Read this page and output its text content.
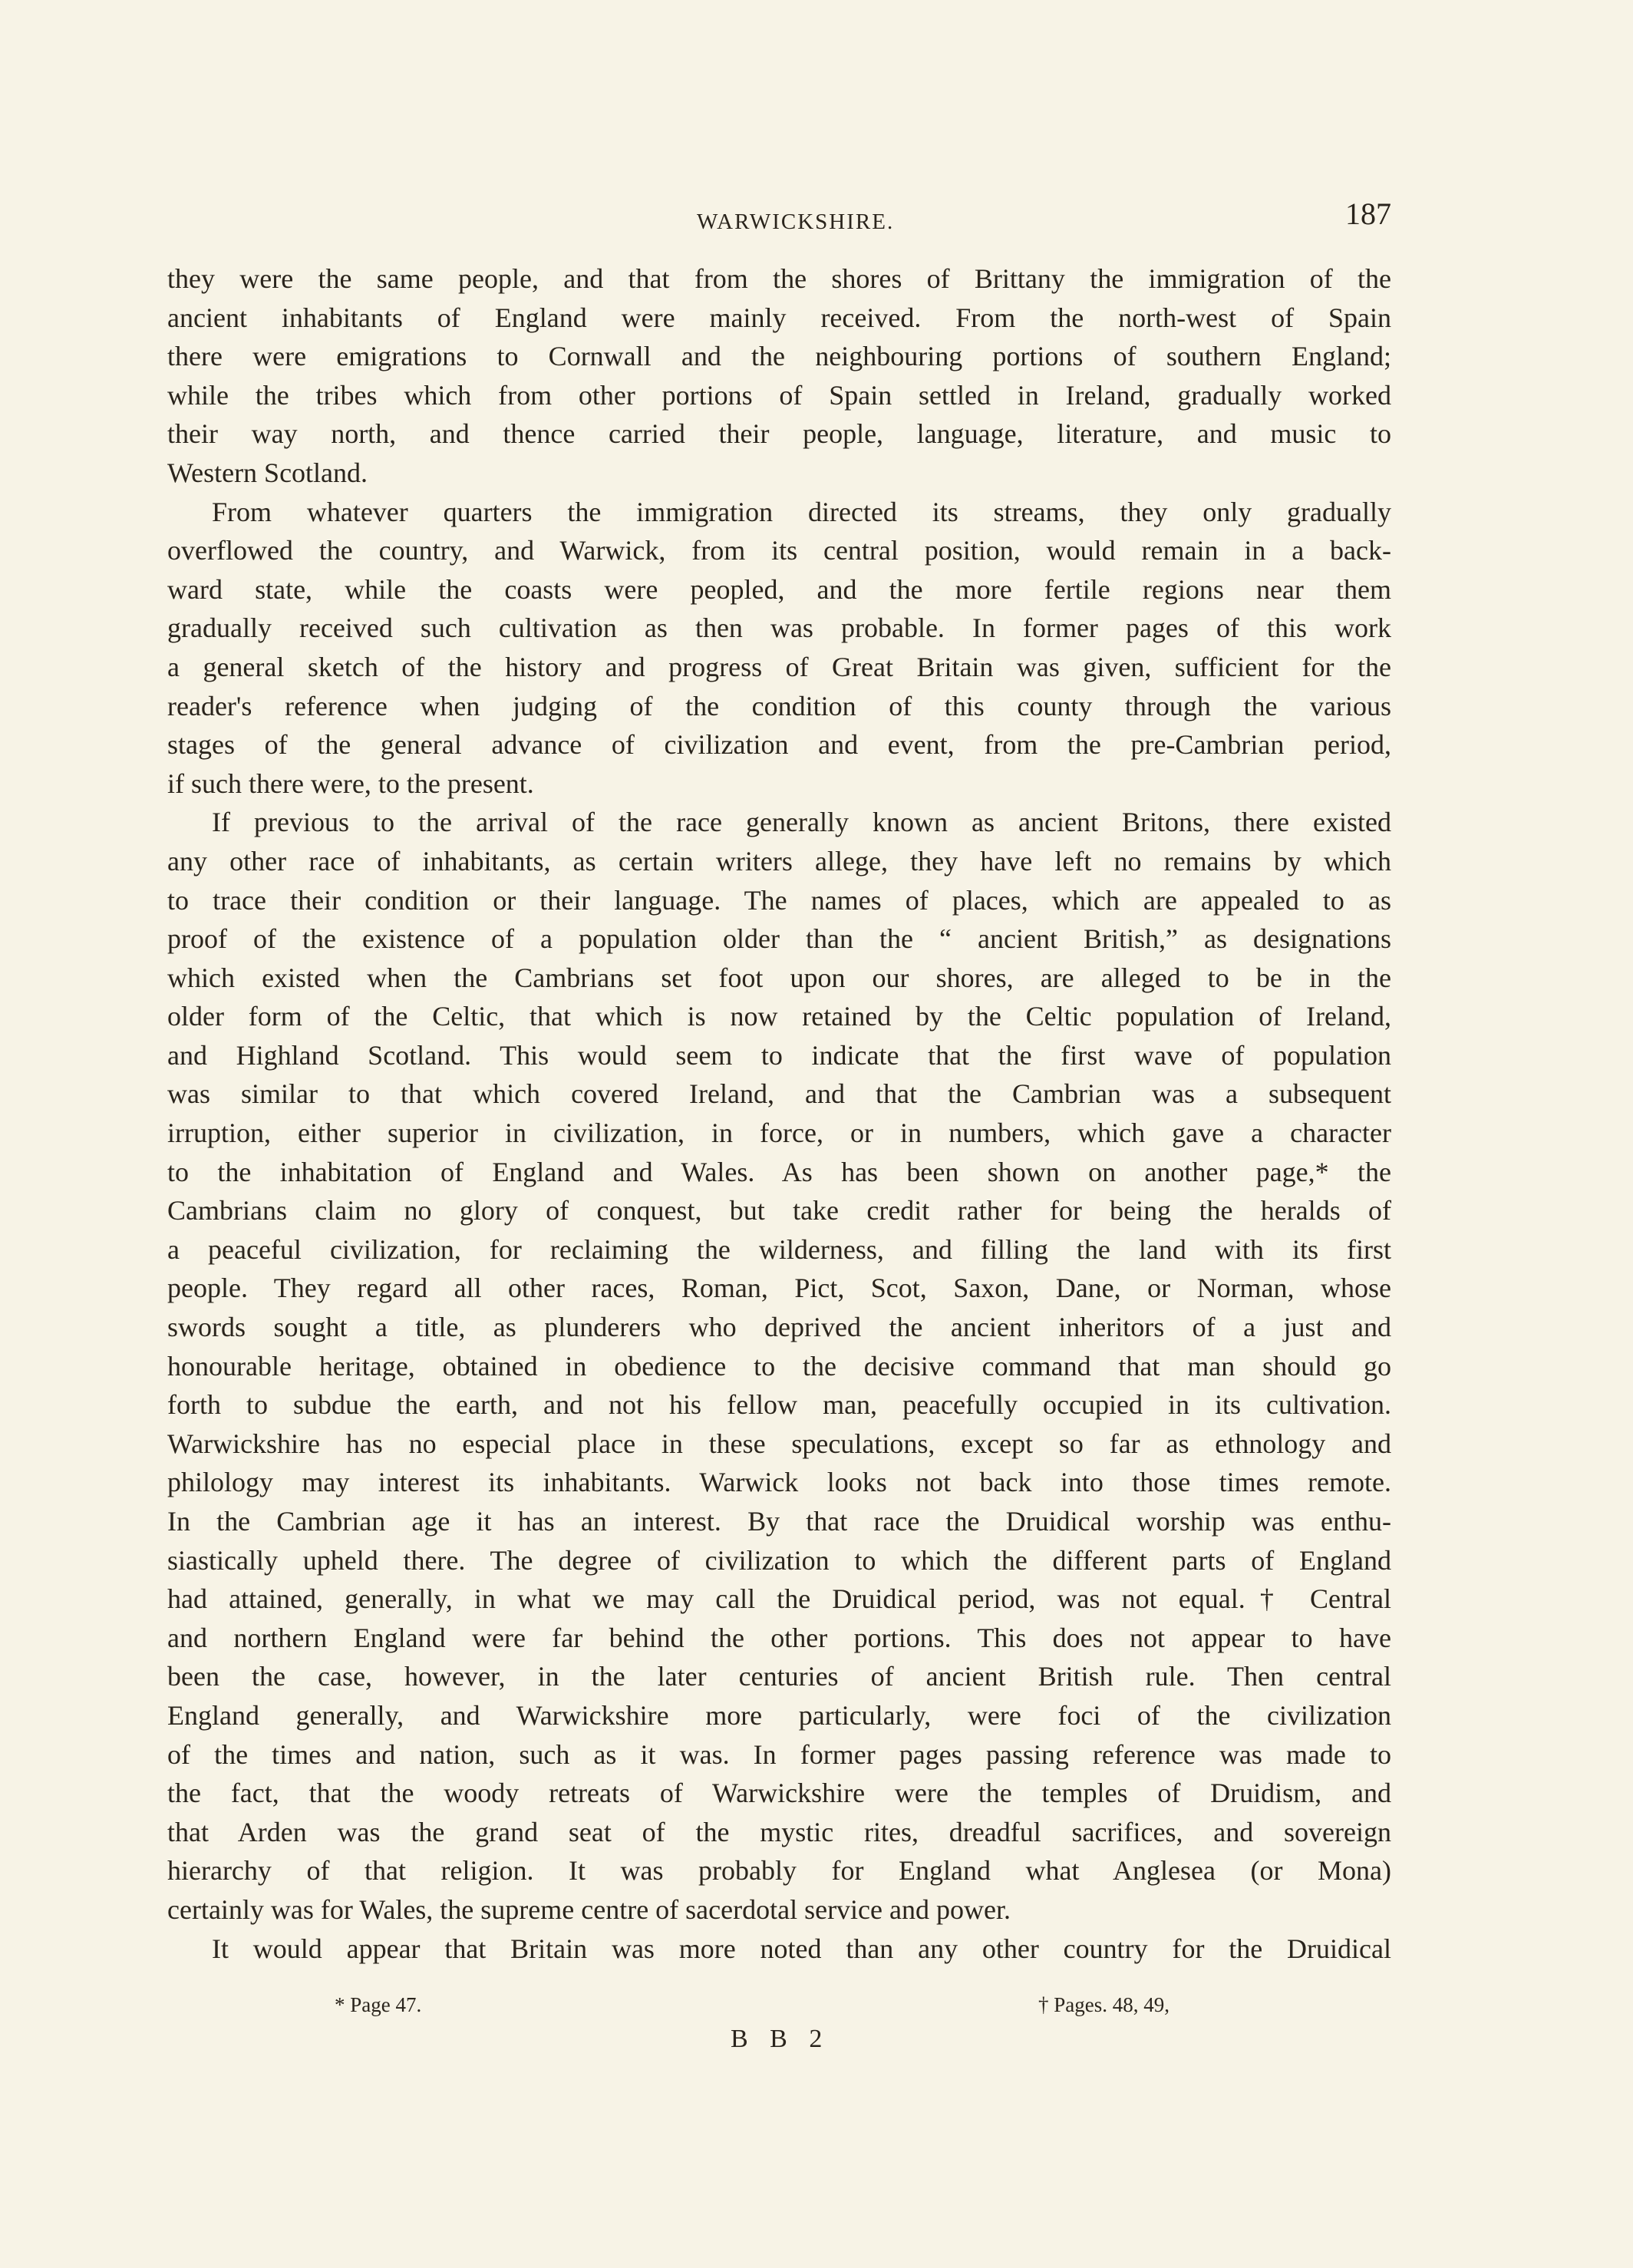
WARWICKSHIRE.	187
they were the same people, and that from the shores of Brittany the immigration of the
ancient inhabitants of England were mainly received. From the north-west of Spain
there were emigrations to Cornwall and the neighbouring portions of southern England;
while the tribes which from other portions of Spain settled in Ireland, gradually worked
their way north, and thence carried their people, language, literature, and music to
Western Scotland.
From whatever quarters the immigration directed its streams, they only gradually
overflowed the country, and Warwick, from its central position, would remain in a back-
ward state, while the coasts were peopled, and the more fertile regions near them
gradually received such cultivation as then was probable. In former pages of this work
a general sketch of the history and progress of Great Britain was given, sufficient for the
reader's reference when judging of the condition of this county through the various
stages of the general advance of civilization and event, from the pre-Cambrian period,
if such there were, to the present.
If previous to the arrival of the race generally known as ancient Britons, there existed
any other race of inhabitants, as certain writers allege, they have left no remains by which
to trace their condition or their language. The names of places, which are appealed to as
proof of the existence of a population older than the “ ancient British,” as designations
which existed when the Cambrians set foot upon our shores, are alleged to be in the
older form of the Celtic, that which is now retained by the Celtic population of Ireland,
and Highland Scotland. This would seem to indicate that the first wave of population
was similar to that which covered Ireland, and that the Cambrian was a subsequent
irruption, either superior in civilization, in force, or in numbers, which gave a character
to the inhabitation of England and Wales. As has been shown on another page,* the
Cambrians claim no glory of conquest, but take credit rather for being the heralds of
a peaceful civilization, for reclaiming the wilderness, and filling the land with its first
people. They regard all other races, Roman, Pict, Scot, Saxon, Dane, or Norman, whose
swords sought a title, as plunderers who deprived the ancient inheritors of a just and
honourable heritage, obtained in obedience to the decisive command that man should go
forth to subdue the earth, and not his fellow man, peacefully occupied in its cultivation.
Warwickshire has no especial place in these speculations, except so far as ethnology and
philology may interest its inhabitants. Warwick looks not back into those times remote.
In the Cambrian age it has an interest. By that race the Druidical worship was enthu-
siastically upheld there. The degree of civilization to which the different parts of England
had attained, generally, in what we may call the Druidical period, was not equal.† Central
and northern England were far behind the other portions. This does not appear to have
been the case, however, in the later centuries of ancient British rule. Then central
England generally, and Warwickshire more particularly, were foci of the civilization
of the times and nation, such as it was. In former pages passing reference was made to
the fact, that the woody retreats of Warwickshire were the temples of Druidism, and
that Arden was the grand seat of the mystic rites, dreadful sacrifices, and sovereign
hierarchy of that religion. It was probably for England what Anglesea (or Mona)
certainly was for Wales, the supreme centre of sacerdotal service and power.
It would appear that Britain was more noted than any other country for the Druidical
* Page 47.	† Pages. 48, 49,
B B 2
